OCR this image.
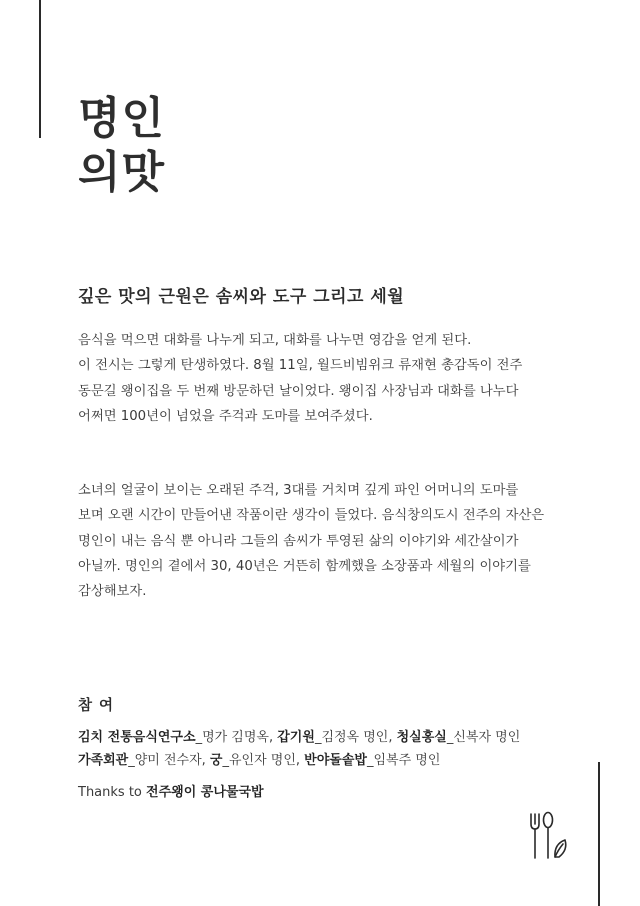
명인
의맛
깊은 맛의 근원은 솜씨와 도구 그리고 세월

음식을 먹으면 대화를 나누게 되고, 대화를 나누면 영감을 얻게 된다.

이 전시는 그렇게 탄생하였다. 8월 11일, 월드비빔위크 류재현 총감독이 전주

동문길 왱이집을 두 번째 방문하던 날이었다. 왱이집 사장님과 대화를 나누다

어쩌면 100년이 넘었을 주걱과 도마를 보여주셨다.

소녀의 얼굴이 보이는 오래된 주걱, 3대를 거치며 깊게 파인 어머니의 도마를

보며 오랜 시간이 만들어낸 작품이란 생각이 들었다. 음식창의도시 전주의 자산은

명인이 내는 음식 뿐 아니라 그들의 솜씨가 투영된 삶의 이야기와 세간살이가

아닐까. 명인의 곁에서 30, 40년은 거뜬히 함께했을 소장품과 세월의 이야기를

감상해보자.

참 여
김치 전통음식연구소_명가 김명옥, 갑기원_김정옥 명인, 청실홍실_신복자 명인
가족회관_양미 전수자, 궁_유인자 명인, 반야돌솥밥_임복주 명인
Thanks to 전주왱이 콩나물국밥
